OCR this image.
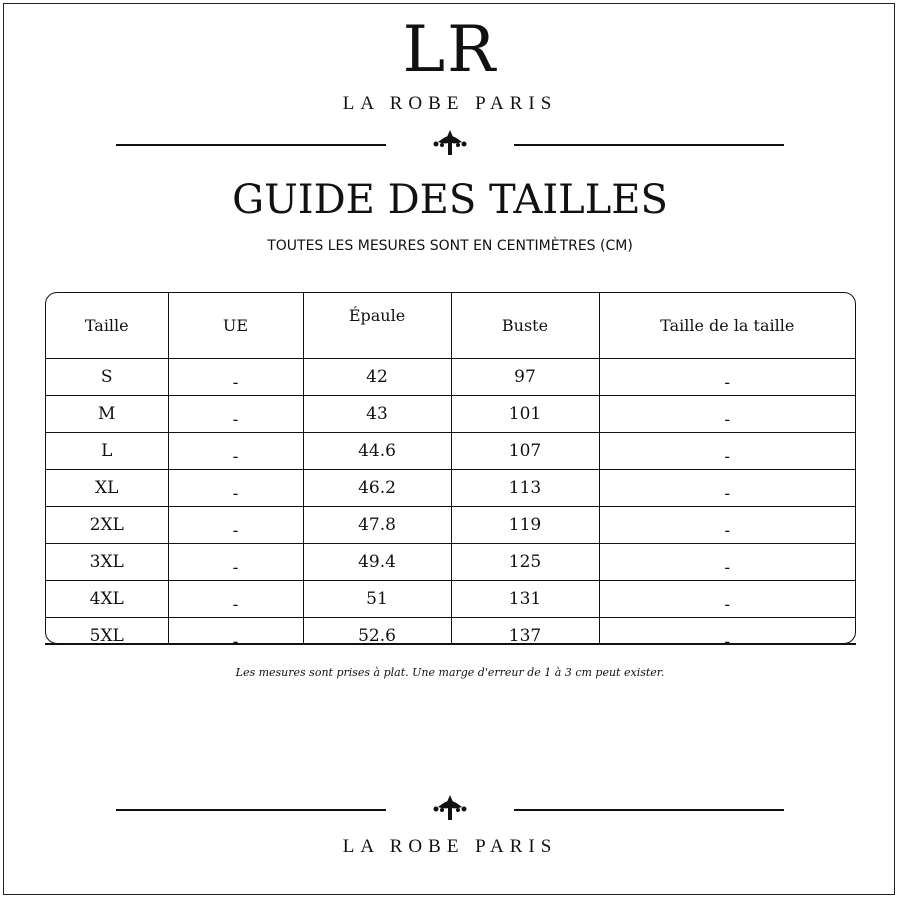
LR
LA ROBE PARIS
GUIDE DES TAILLES
TOUTES LES MESURES SONT EN CENTIMÈTRES (CM)
Taille	UE	Épaule	Buste	Taille de la taille
S	-	42	97	-
M	-	43	101	-
L	-	44.6	107	-
XL	-	46.2	113	-
2XL	-	47.8	119	-
3XL	-	49.4	125	-
4XL	-	51	131	-
5XL	-	52.6	137	-
Les mesures sont prises à plat. Une marge d'erreur de 1 à 3 cm peut exister.
LA ROBE PARIS
